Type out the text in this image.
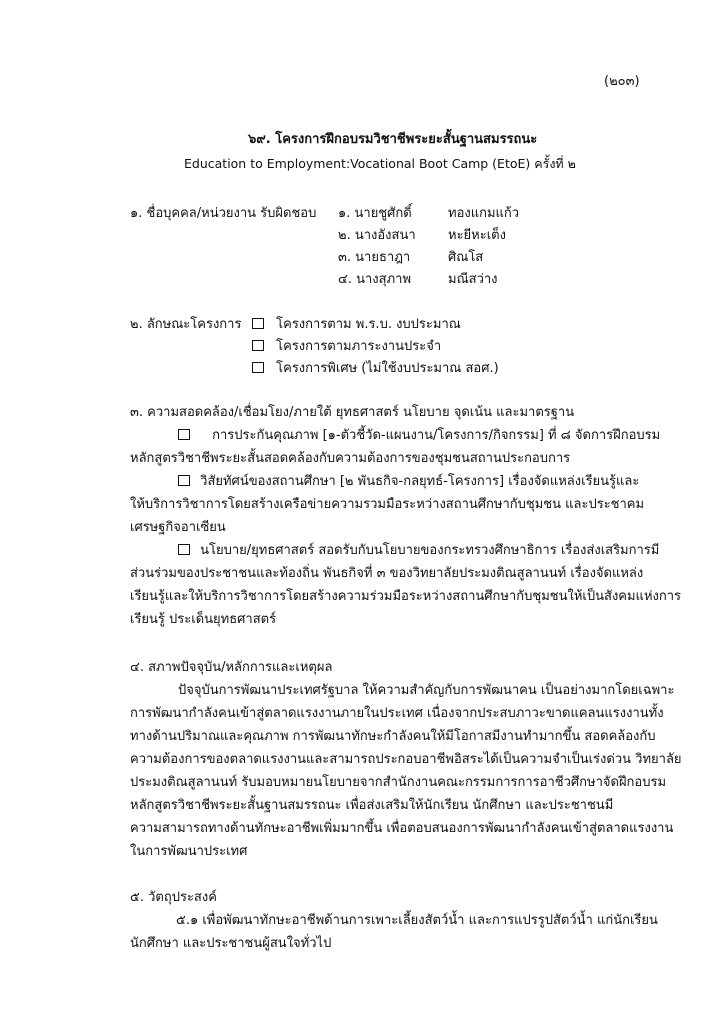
(๒๐๓)
๖๙. โครงการฝึกอบรมวิชาชีพระยะสั้นฐานสมรรถนะ
Education to Employment:Vocational Boot Camp (EtoE) ครั้งที่ ๒
๑. ชื่อบุคคล/หน่วยงาน รับผิดชอบ ๑. นายชูศักดิ์	ทองแกมแก้ว
๒. นางอังสนา หะยีหะเต็ง
๓. นายธาฎา	ศิณโส
๔. นางสุภาพ	มณีสว่าง
๒. ลักษณะโครงการ	โครงการตาม พ.ร.บ. งบประมาณ
โครงการตามภาระงานประจำ
โครงการพิเศษ (ไม่ใช้งบประมาณ สอศ.)
๓. ความสอดคล้อง/เชื่อมโยง/ภายใต้ ยุทธศาสตร์ นโยบาย จุดเน้น และมาตรฐาน
การประกันคุณภาพ [๑-ตัวชี้วัด-แผนงาน/โครงการ/กิจกรรม] ที่ ๘ จัดการฝึกอบรม
หลักสูตรวิชาชีพระยะสั้นสอดคล้องกับความต้องการของชุมชนสถานประกอบการ
วิสัยทัศน์ของสถานศึกษา [๒ พันธกิจ-กลยุทธ์-โครงการ] เรื่องจัดแหล่งเรียนรู้และ
ให้บริการวิชาการโดยสร้างเครือข่ายความรวมมือระหว่างสถานศึกษากับชุมชน และประชาคม
เศรษฐกิจอาเซียน
นโยบาย/ยุทธศาสตร์ สอดรับกับนโยบายของกระทรวงศึกษาธิการ เรื่องส่งเสริมการมี
ส่วนร่วมของประชาชนและท้องถิ่น พันธกิจที่ ๓ ของวิทยาลัยประมงติณสูลานนท์ เรื่องจัดแหล่ง
เรียนรู้และให้บริการวิชาการโดยสร้างความร่วมมือระหว่างสถานศึกษากับชุมชนให้เป็นสังคมแห่งการ
เรียนรู้ ประเด็นยุทธศาสตร์
๔. สภาพปัจจุบัน/หลักการและเหตุผล
ปัจจุบันการพัฒนาประเทศรัฐบาล ให้ความสำคัญกับการพัฒนาคน เป็นอย่างมากโดยเฉพาะ
การพัฒนากำลังคนเข้าสู่ตลาดแรงงานภายในประเทศ เนื่องจากประสบภาวะขาดแคลนแรงงานทั้ง
ทางด้านปริมาณและคุณภาพ การพัฒนาทักษะกำลังคนให้มีโอกาสมีงานทำมากขึ้น สอดคล้องกับ
ความต้องการของตลาดแรงงานและสามารถประกอบอาชีพอิสระได้เป็นความจำเป็นเร่งด่วน วิทยาลัย
ประมงติณสูลานนท์ รับมอบหมายนโยบายจากสำนักงานคณะกรรมการการอาชีวศึกษาจัดฝึกอบรม
หลักสูตรวิชาชีพระยะสั้นฐานสมรรถนะ เพื่อส่งเสริมให้นักเรียน นักศึกษา และประชาชนมี
ความสามารถทางด้านทักษะอาชีพเพิ่มมากขึ้น เพื่อตอบสนองการพัฒนากำลังคนเข้าสู่ตลาดแรงงาน
ในการพัฒนาประเทศ
๕. วัตถุประสงค์
๕.๑ เพื่อพัฒนาทักษะอาชีพด้านการเพาะเลี้ยงสัตว์น้ำ และการแปรรูปสัตว์น้ำ แก่นักเรียน
นักศึกษา และประชาชนผู้สนใจทั่วไป
